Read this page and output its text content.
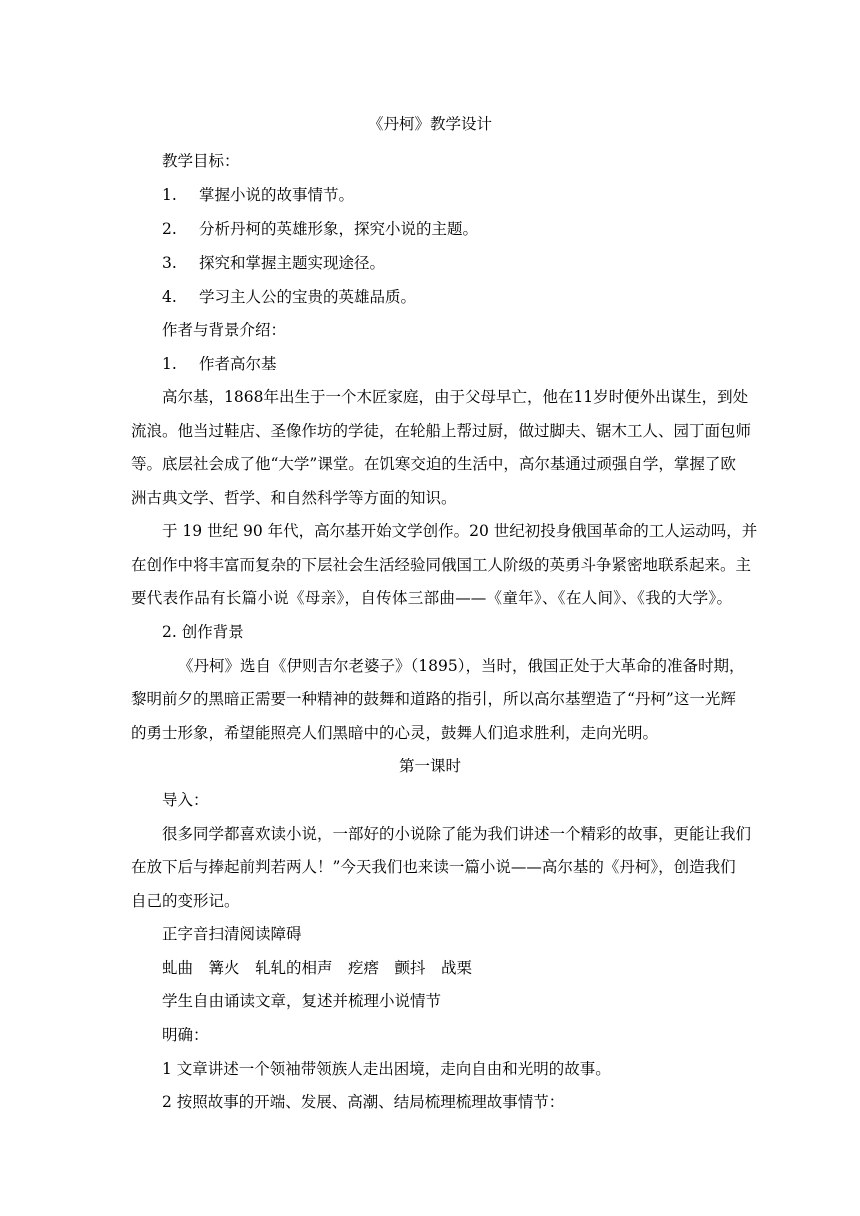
《丹柯》教学设计
教学目标：
1. 掌握小说的故事情节。
2. 分析丹柯的英雄形象，探究小说的主题。
3. 探究和掌握主题实现途径。
4. 学习主人公的宝贵的英雄品质。
作者与背景介绍：
1. 作者高尔基
高尔基，1868年出生于一个木匠家庭，由于父母早亡，他在11岁时便外出谋生，到处
流浪。他当过鞋店、圣像作坊的学徒，在轮船上帮过厨，做过脚夫、锯木工人、园丁面包师
等。底层社会成了他“大学”课堂。在饥寒交迫的生活中，高尔基通过顽强自学，掌握了欧
洲古典文学、哲学、和自然科学等方面的知识。
于 19 世纪 90 年代，高尔基开始文学创作。20 世纪初投身俄国革命的工人运动吗，并
在创作中将丰富而复杂的下层社会生活经验同俄国工人阶级的英勇斗争紧密地联系起来。主
要代表作品有长篇小说《母亲》，自传体三部曲——《童年》、《在人间》、《我的大学》。
2. 创作背景
《丹柯》选自《伊则吉尔老婆子》（1895），当时，俄国正处于大革命的准备时期，
黎明前夕的黑暗正需要一种精神的鼓舞和道路的指引，所以高尔基塑造了“丹柯”这一光辉
的勇士形象，希望能照亮人们黑暗中的心灵，鼓舞人们追求胜利，走向光明。
第一课时
导入：
很多同学都喜欢读小说，一部好的小说除了能为我们讲述一个精彩的故事，更能让我们
在放下后与捧起前判若两人！”今天我们也来读一篇小说——高尔基的《丹柯》，创造我们
自己的变形记。
正字音扫清阅读障碍
虬曲　篝火　轧轧的相声　疙瘩　颤抖　战栗
学生自由诵读文章，复述并梳理小说情节
明确：
1 文章讲述一个领袖带领族人走出困境，走向自由和光明的故事。
2 按照故事的开端、发展、高潮、结局梳理梳理故事情节：
